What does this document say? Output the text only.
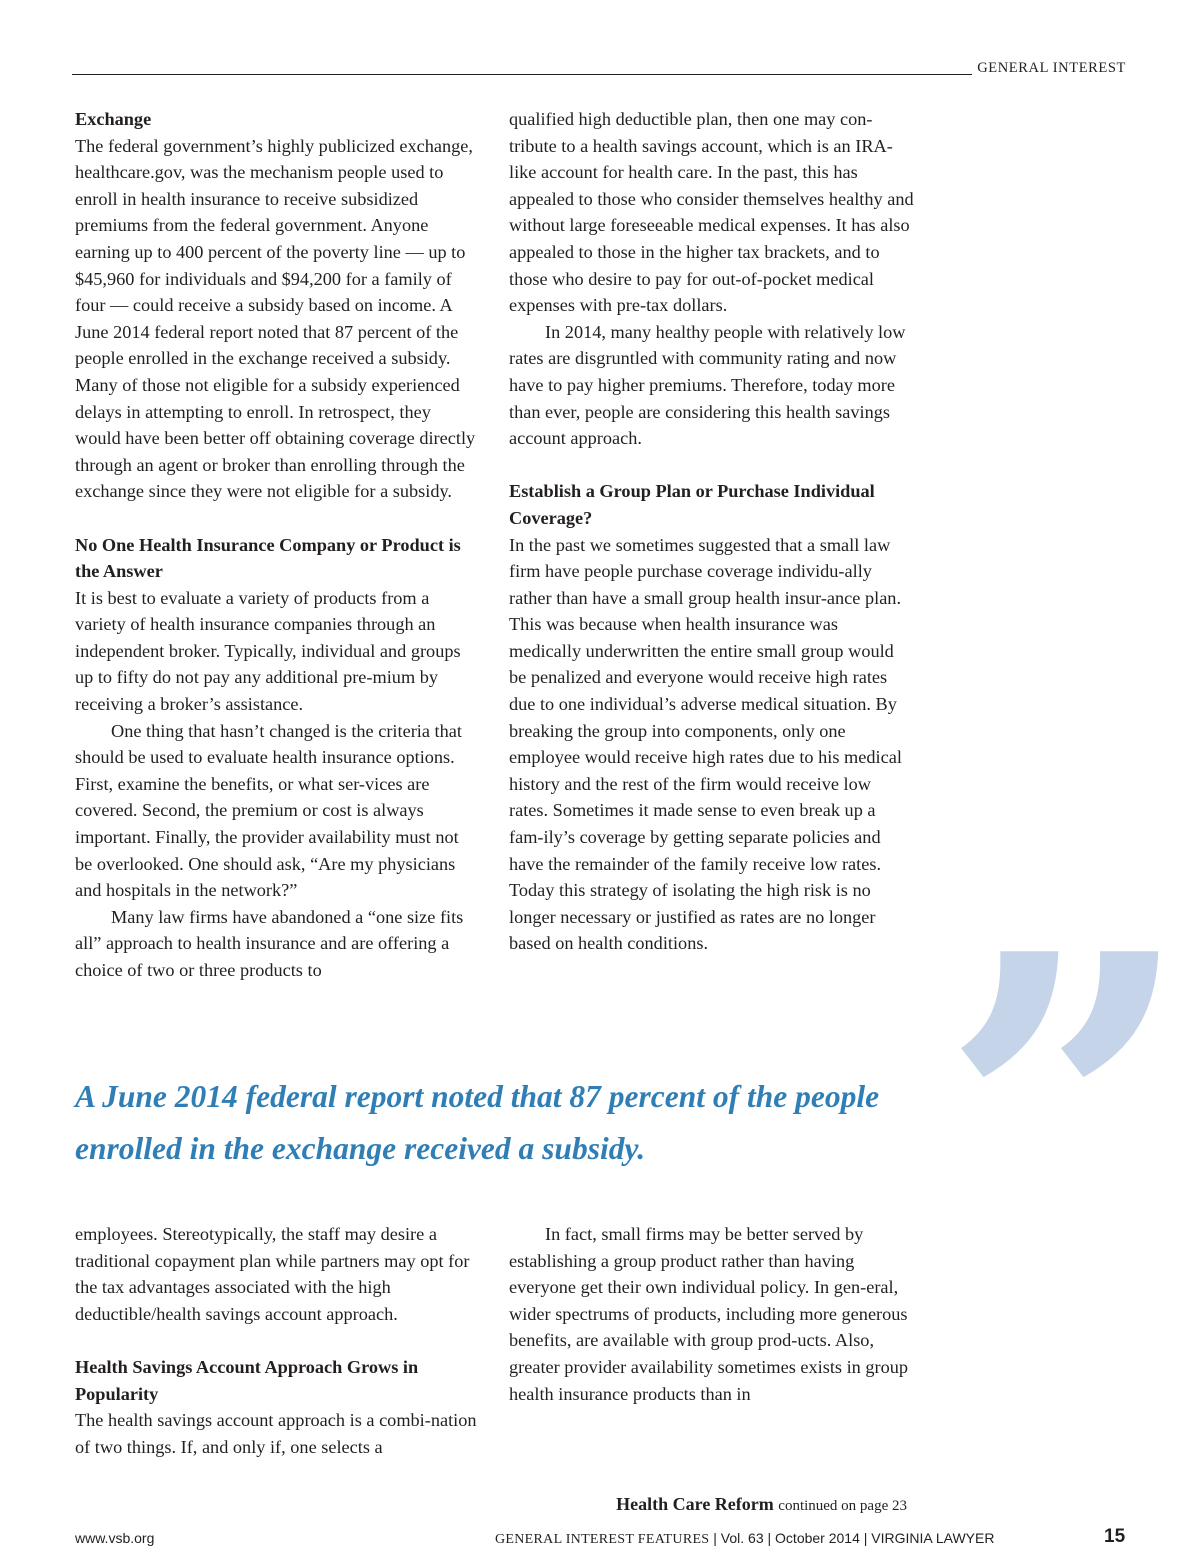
GENERAL INTEREST
Exchange

The federal government’s highly publicized exchange, healthcare.gov, was the mechanism people used to enroll in health insurance to receive subsidized premiums from the federal government. Anyone earning up to 400 percent of the poverty line — up to $45,960 for individuals and $94,200 for a family of four — could receive a subsidy based on income. A June 2014 federal report noted that 87 percent of the people enrolled in the exchange received a subsidy. Many of those not eligible for a subsidy experienced delays in attempting to enroll. In retrospect, they would have been better off obtaining coverage directly through an agent or broker than enrolling through the exchange since they were not eligible for a subsidy.

No One Health Insurance Company or Product is the Answer

It is best to evaluate a variety of products from a variety of health insurance companies through an independent broker. Typically, individual and groups up to fifty do not pay any additional pre-mium by receiving a broker’s assistance.

One thing that hasn’t changed is the criteria that should be used to evaluate health insurance options. First, examine the benefits, or what ser-vices are covered. Second, the premium or cost is always important. Finally, the provider availability must not be overlooked. One should ask, “Are my physicians and hospitals in the network?”

Many law firms have abandoned a “one size fits all” approach to health insurance and are offering a choice of two or three products to

qualified high deductible plan, then one may con-tribute to a health savings account, which is an IRA-like account for health care. In the past, this has appealed to those who consider themselves healthy and without large foreseeable medical expenses. It has also appealed to those in the higher tax brackets, and to those who desire to pay for out-of-pocket medical expenses with pre-tax dollars.

In 2014, many healthy people with relatively low rates are disgruntled with community rating and now have to pay higher premiums. Therefore, today more than ever, people are considering this health savings account approach.

Establish a Group Plan or Purchase Individual Coverage?

In the past we sometimes suggested that a small law firm have people purchase coverage individu-ally rather than have a small group health insur-ance plan. This was because when health insurance was medically underwritten the entire small group would be penalized and everyone would receive high rates due to one individual’s adverse medical situation. By breaking the group into components, only one employee would receive high rates due to his medical history and the rest of the firm would receive low rates. Sometimes it made sense to even break up a fam-ily’s coverage by getting separate policies and have the remainder of the family receive low rates. Today this strategy of isolating the high risk is no longer necessary or justified as rates are no longer based on health conditions. ”
A June 2014 federal report noted that 87 percent of the people enrolled in the exchange received a subsidy.

employees. Stereotypically, the staff may desire a traditional copayment plan while partners may opt for the tax advantages associated with the high deductible/health savings account approach.

Health Savings Account Approach Grows in Popularity

The health savings account approach is a combi-nation of two things. If, and only if, one selects a

In fact, small firms may be better served by establishing a group product rather than having everyone get their own individual policy. In gen-eral, wider spectrums of products, including more generous benefits, are available with group prod-ucts. Also, greater provider availability sometimes exists in group health insurance products than in

Health Care Reform continued on page 23
www.vsb.org	GENERAL INTEREST FEATURES | Vol. 63 | October 2014 | VIRGINIA LAWYER	15
